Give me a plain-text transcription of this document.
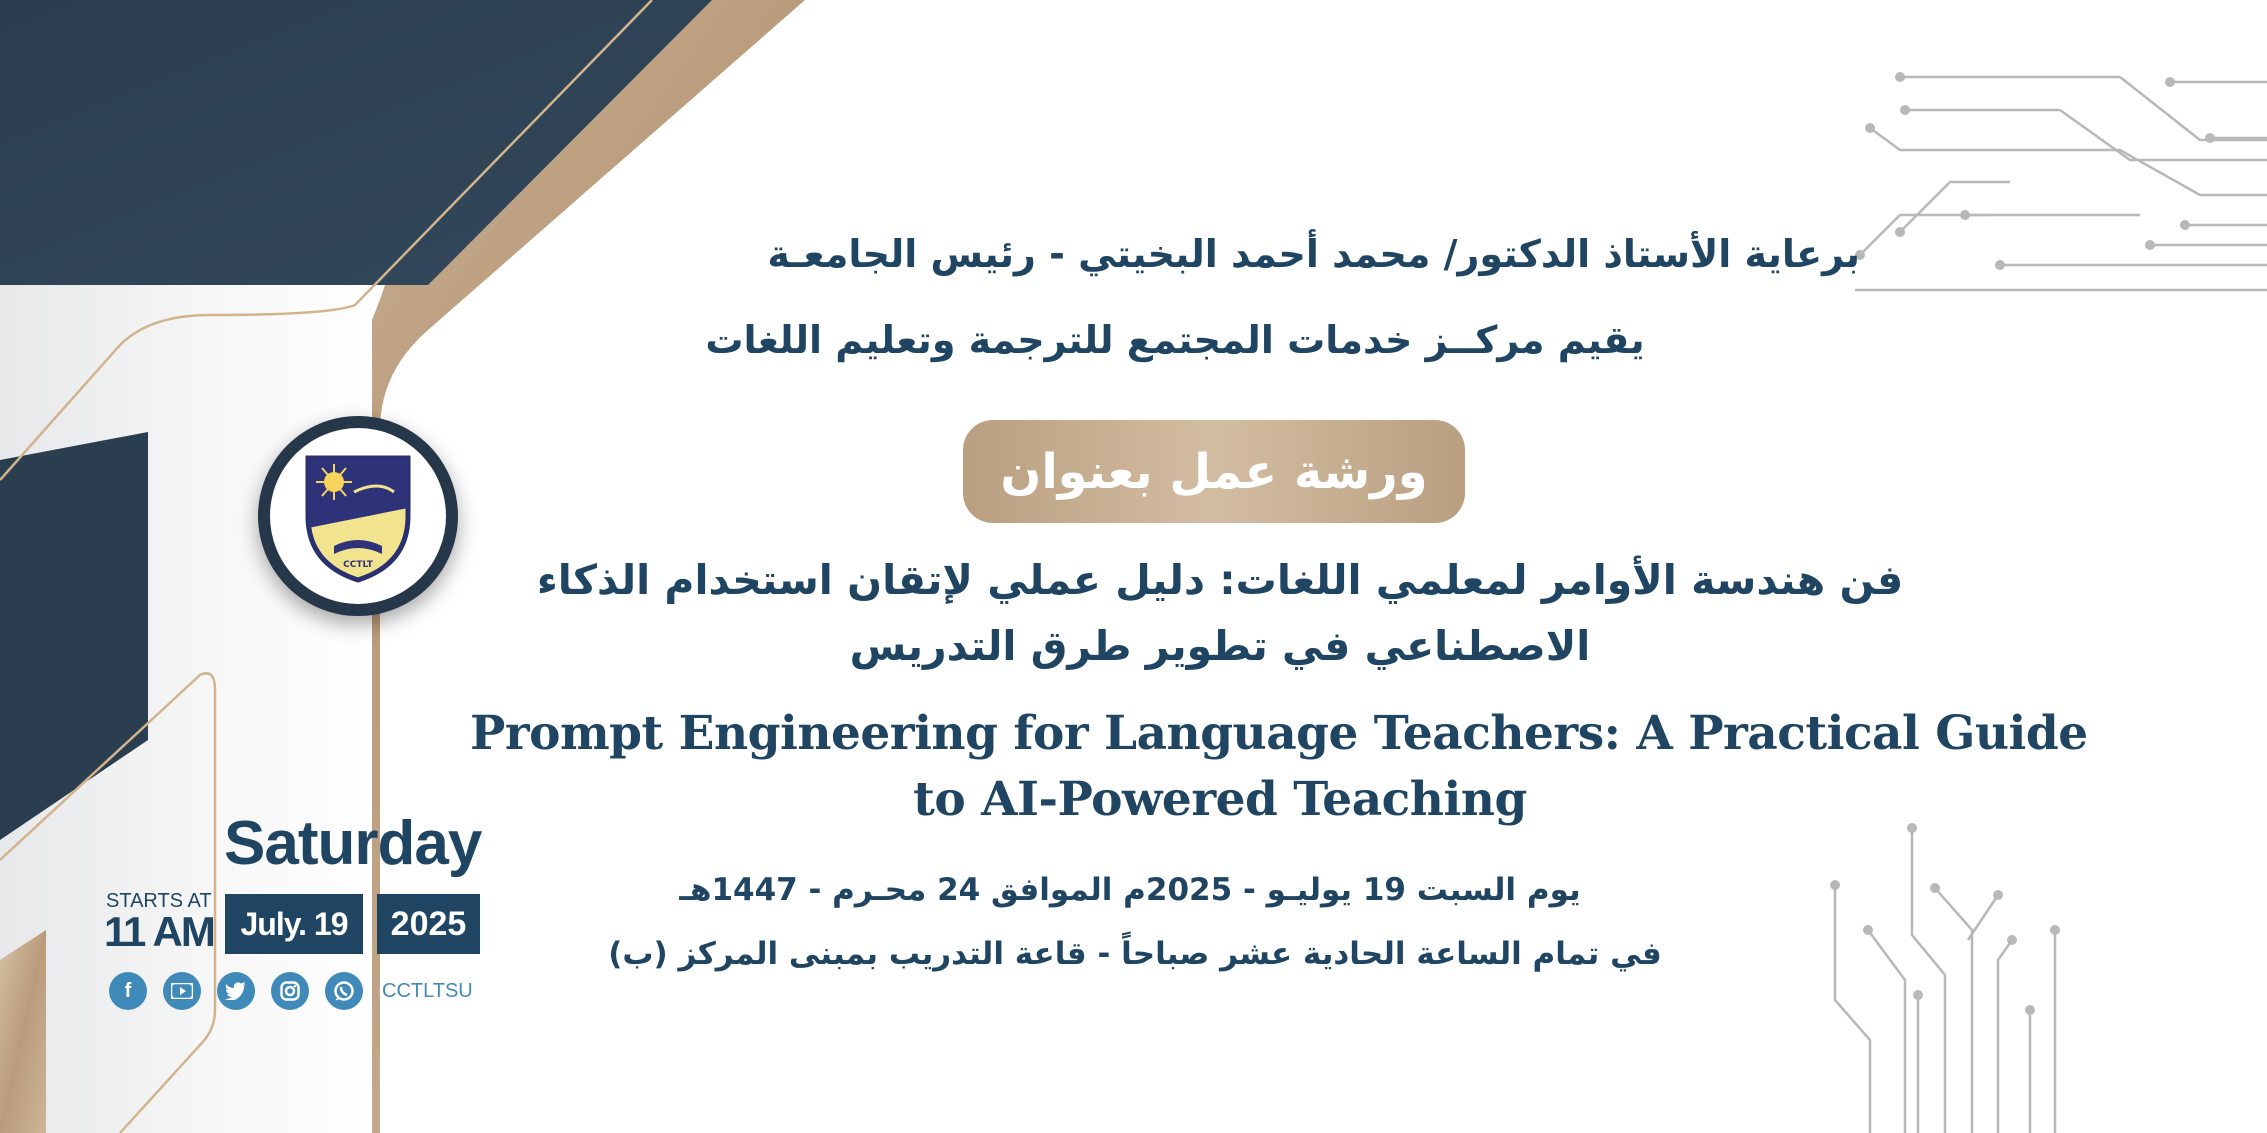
CCTLT
برعاية الأستاذ الدكتور/ محمد أحمد البخيتي - رئيس الجامعـة
يقيم مركــز خدمات المجتمع للترجمة وتعليم اللغات
ورشة عمل بعنوان
فن هندسة الأوامر لمعلمي اللغات: دليل عملي لإتقان استخدام الذكاء
الاصطناعي في تطوير طرق التدريس
Prompt Engineering for Language Teachers: A Practical Guide
to AI-Powered Teaching
يوم السبت 19 يوليـو - 2025م الموافق 24 محـرم - 1447هـ
في تمام الساعة الحادية عشر صباحاً - قاعة التدريب بمبنى المركز (ب)
Saturday
STARTS AT
11 AM July. 19 2025
f	CCTLTSU
